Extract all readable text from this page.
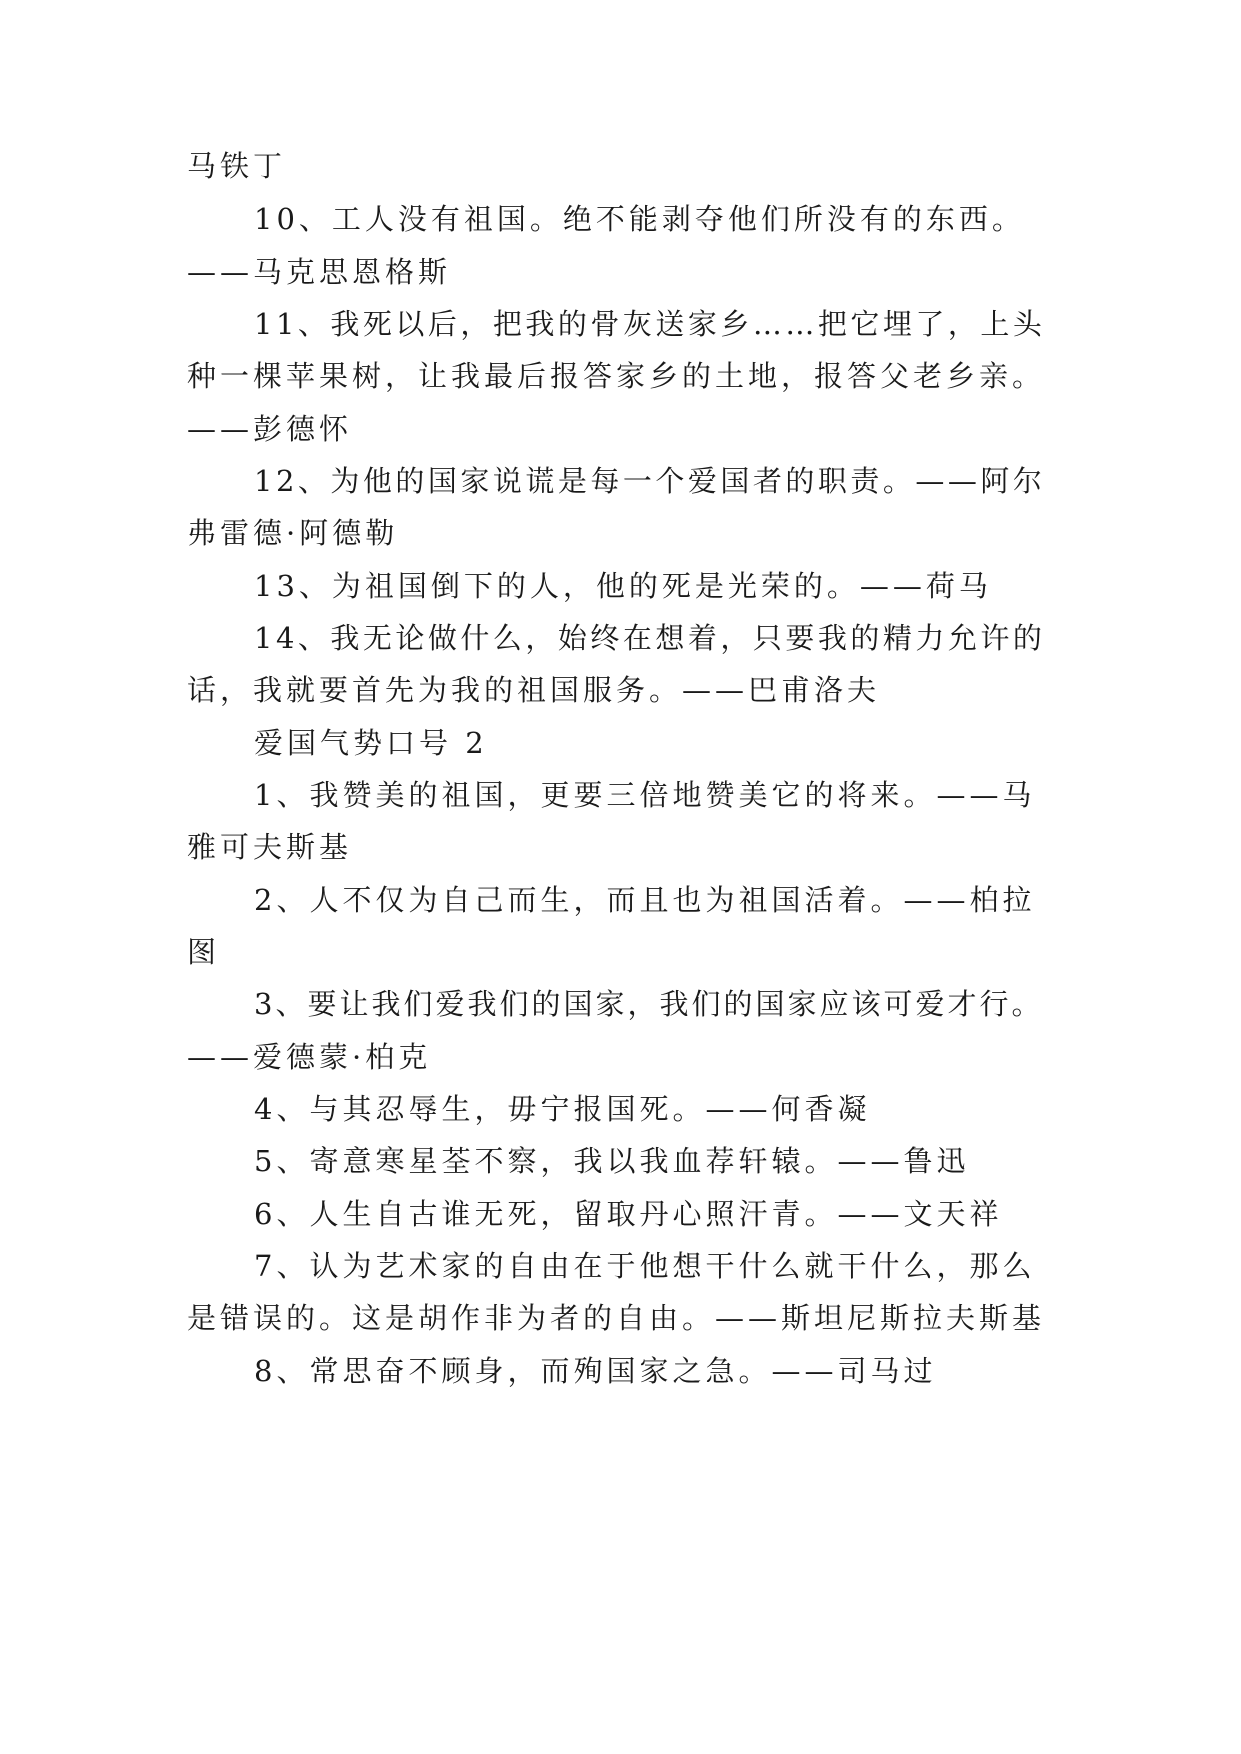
马铁丁

10、工人没有祖国。绝不能剥夺他们所没有的东西。

——马克思恩格斯

11、我死以后，把我的骨灰送家乡……把它埋了，上头

种一棵苹果树，让我最后报答家乡的土地，报答父老乡亲。

——彭德怀

12、为他的国家说谎是每一个爱国者的职责。——阿尔

弗雷德·阿德勒

13、为祖国倒下的人，他的死是光荣的。——荷马

14、我无论做什么，始终在想着，只要我的精力允许的

话，我就要首先为我的祖国服务。——巴甫洛夫

爱国气势口号 2

1、我赞美的祖国，更要三倍地赞美它的将来。——马

雅可夫斯基

2、人不仅为自己而生，而且也为祖国活着。——柏拉

图

3、要让我们爱我们的国家，我们的国家应该可爱才行。

——爱德蒙·柏克

4、与其忍辱生，毋宁报国死。——何香凝

5、寄意寒星荃不察，我以我血荐轩辕。——鲁迅

6、人生自古谁无死，留取丹心照汗青。——文天祥

7、认为艺术家的自由在于他想干什么就干什么，那么

是错误的。这是胡作非为者的自由。——斯坦尼斯拉夫斯基

8、常思奋不顾身，而殉国家之急。——司马过
